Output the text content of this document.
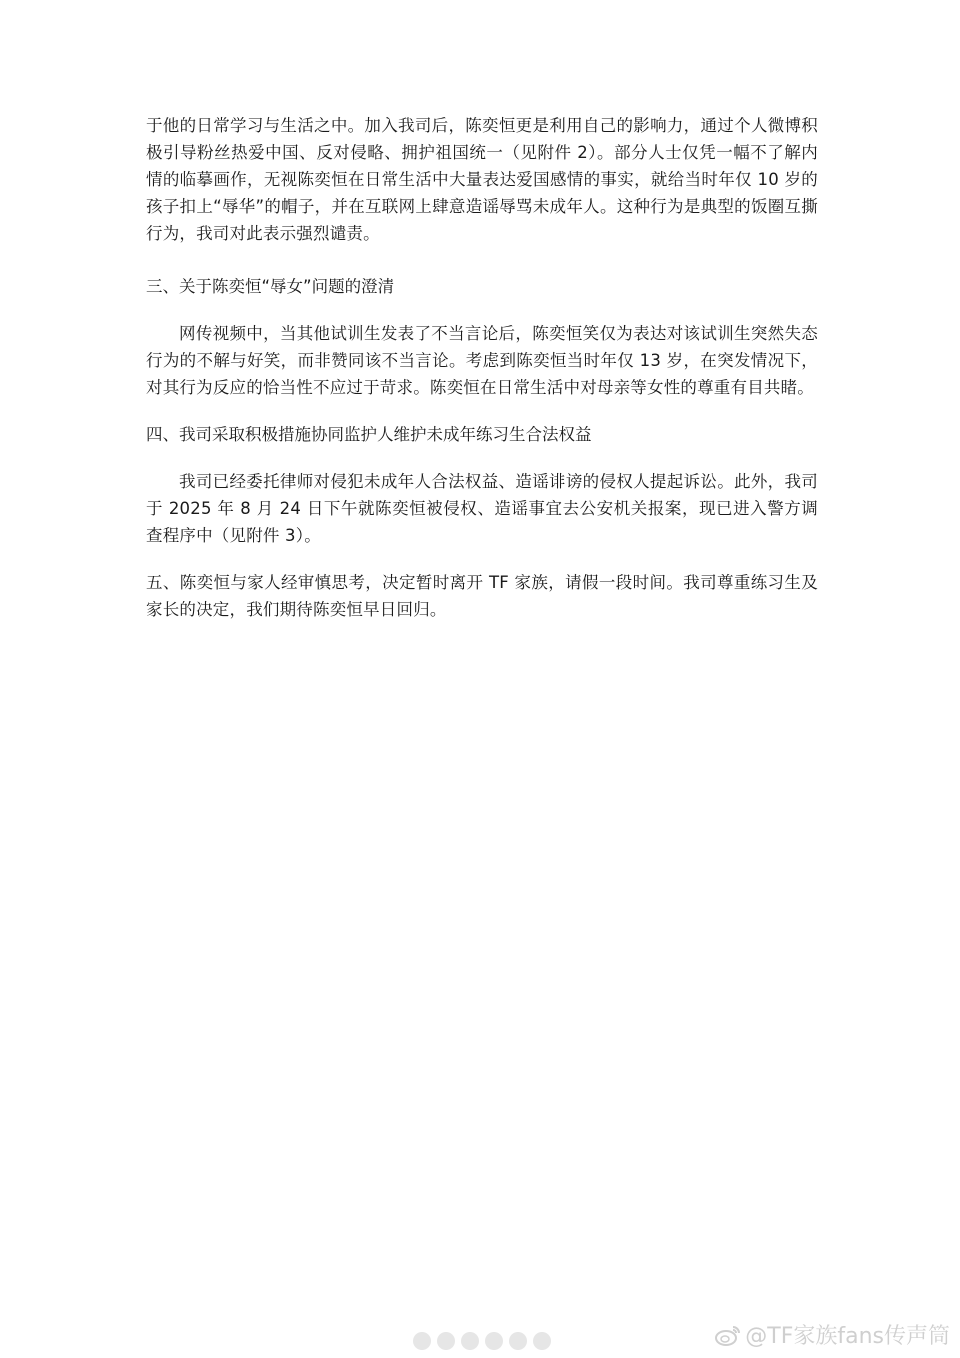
于他的日常学习与生活之中。加入我司后，陈奕恒更是利用自己的影响力，通过个人微博积极引导粉丝热爱中国、反对侵略、拥护祖国统一（见附件 2）。部分人士仅凭一幅不了解内情的临摹画作，无视陈奕恒在日常生活中大量表达爱国感情的事实，就给当时年仅 10 岁的孩子扣上“辱华”的帽子，并在互联网上肆意造谣辱骂未成年人。这种行为是典型的饭圈互撕行为，我司对此表示强烈谴责。

三、关于陈奕恒“辱女”问题的澄清

网传视频中，当其他试训生发表了不当言论后，陈奕恒笑仅为表达对该试训生突然失态行为的不解与好笑，而非赞同该不当言论。考虑到陈奕恒当时年仅 13 岁，在突发情况下，对其行为反应的恰当性不应过于苛求。陈奕恒在日常生活中对母亲等女性的尊重有目共睹。

四、我司采取积极措施协同监护人维护未成年练习生合法权益

我司已经委托律师对侵犯未成年人合法权益、造谣诽谤的侵权人提起诉讼。此外，我司于 2025 年 8 月 24 日下午就陈奕恒被侵权、造谣事宜去公安机关报案，现已进入警方调查程序中（见附件 3）。

五、陈奕恒与家人经审慎思考，决定暂时离开 TF 家族，请假一段时间。我司尊重练习生及家长的决定，我们期待陈奕恒早日回归。

@TF家族fans传声筒
